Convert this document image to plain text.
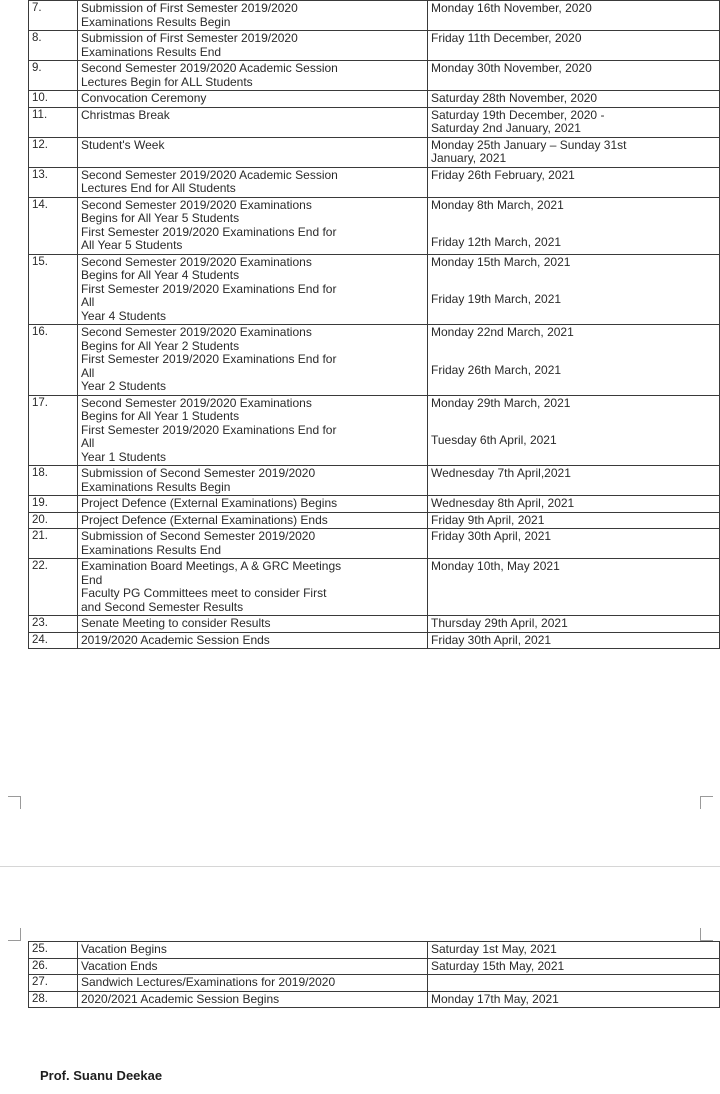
7.	Submission of First Semester 2019/2020
Examinations Results Begin	Monday 16th November, 2020

8.	Submission of First Semester 2019/2020
Examinations Results End	Friday 11th December, 2020

9.	Second Semester 2019/2020 Academic Session
Lectures Begin for ALL Students	Monday 30th November, 2020

10.	Convocation Ceremony	Saturday 28th November, 2020

11.	Christmas Break	Saturday 19th December, 2020 -
Saturday 2nd January, 2021

12.	Student's Week	Monday 25th January – Sunday 31st
January, 2021

13.	Second Semester 2019/2020 Academic Session
Lectures End for All Students	Friday 26th February, 2021

14.	Second Semester 2019/2020 Examinations
Begins for All Year 5 Students
First Semester 2019/2020 Examinations End for
All Year 5 Students	Monday 8th March, 2021
Friday 12th March, 2021

15.	Second Semester 2019/2020 Examinations
Begins for All Year 4 Students
First Semester 2019/2020 Examinations End for
All
Year 4 Students	Monday 15th March, 2021
Friday 19th March, 2021

16.	Second Semester 2019/2020 Examinations
Begins for All Year 2 Students
First Semester 2019/2020 Examinations End for
All
Year 2 Students	Monday 22nd March, 2021
Friday 26th March, 2021

17.	Second Semester 2019/2020 Examinations
Begins for All Year 1 Students
First Semester 2019/2020 Examinations End for
All
Year 1 Students	Monday 29th March, 2021
Tuesday 6th April, 2021

18.	Submission of Second Semester 2019/2020
Examinations Results Begin	Wednesday 7th April,2021

19.	Project Defence (External Examinations) Begins	Wednesday 8th April, 2021

20.	Project Defence (External Examinations) Ends	Friday 9th April, 2021

21.	Submission of Second Semester 2019/2020
Examinations Results End	Friday 30th April, 2021

22.	Examination Board Meetings, A & GRC Meetings
End
Faculty PG Committees meet to consider First
and Second Semester Results	Monday 10th, May 2021

23.	Senate Meeting to consider Results	Thursday 29th April, 2021

24.	2019/2020 Academic Session Ends	Friday 30th April, 2021
25.	Vacation Begins	Saturday 1st May, 2021

26.	Vacation Ends	Saturday 15th May, 2021

27.	Sandwich Lectures/Examinations for 2019/2020	

28.	2020/2021 Academic Session Begins	Monday 17th May, 2021
Prof. Suanu Deekae
